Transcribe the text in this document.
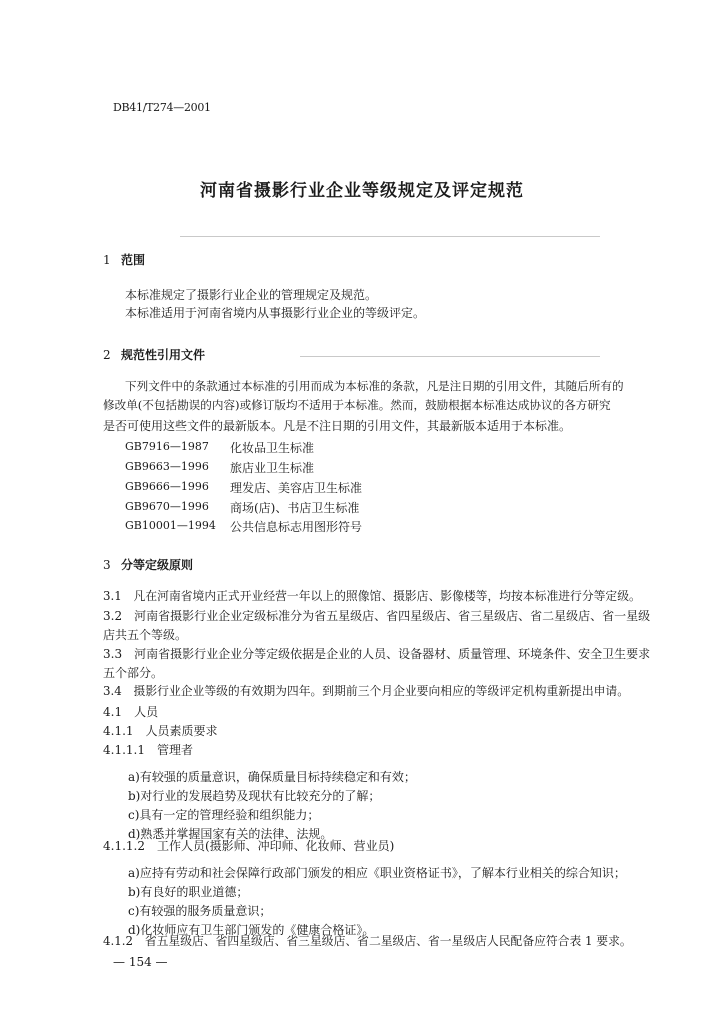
DB41/T274—2001
河南省摄影行业企业等级规定及评定规范
1 范围

本标准规定了摄影行业企业的管理规定及规范。

本标准适用于河南省境内从事摄影行业企业的等级评定。

2 规范性引用文件

下列文件中的条款通过本标准的引用而成为本标准的条款，凡是注日期的引用文件，其随后所有的

修改单(不包括勘误的内容)或修订版均不适用于本标准。然而，鼓励根据本标准达成协议的各方研究

是否可使用这些文件的最新版本。凡是不注日期的引用文件，其最新版本适用于本标准。

GB7916—1987 化妆品卫生标准
GB9663—1996 旅店业卫生标准
GB9666—1996 理发店、美容店卫生标准
GB9670—1996 商场(店)、书店卫生标准
GB10001—1994 公共信息标志用图形符号
3 分等定级原则

3.1　凡在河南省境内正式开业经营一年以上的照像馆、摄影店、影像楼等，均按本标准进行分等定级。

3.2　河南省摄影行业企业定级标准分为省五星级店、省四星级店、省三星级店、省二星级店、省一星级

店共五个等级。

3.3　河南省摄影行业企业分等定级依据是企业的人员、设备器材、质量管理、环境条件、安全卫生要求

五个部分。

3.4　摄影行业企业等级的有效期为四年。到期前三个月企业要向相应的等级评定机构重新提出申请。

4.1　人员

4.1.1　人员素质要求

4.1.1.1　管理者

a)有较强的质量意识，确保质量目标持续稳定和有效；

b)对行业的发展趋势及现状有比较充分的了解；

c)具有一定的管理经验和组织能力；

d)熟悉并掌握国家有关的法律、法规。

4.1.1.2　工作人员(摄影师、冲印师、化妆师、营业员)

a)应持有劳动和社会保障行政部门颁发的相应《职业资格证书》，了解本行业相关的综合知识；

b)有良好的职业道德；

c)有较强的服务质量意识；

d)化妆师应有卫生部门颁发的《健康合格证》。

4.1.2　省五星级店、省四星级店、省三星级店、省二星级店、省一星级店人民配备应符合表 1 要求。

— 154 —
